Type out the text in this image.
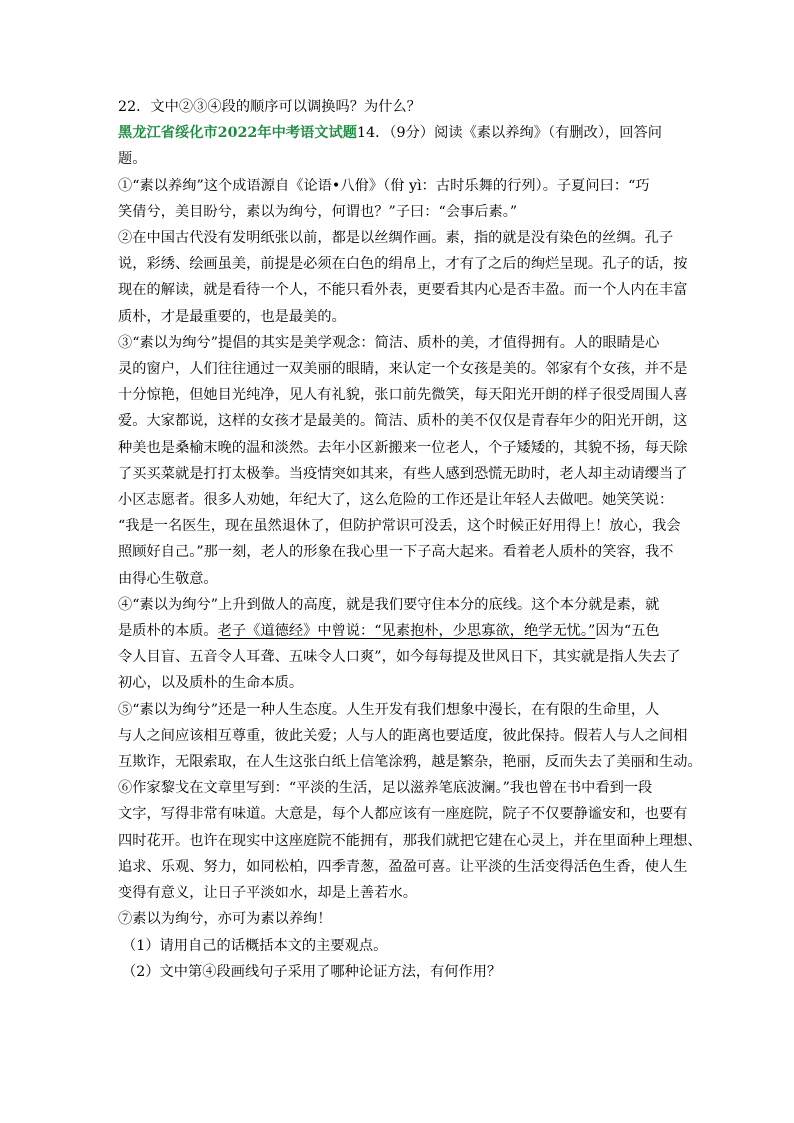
22．文中②③④段的顺序可以调换吗？为什么？

黑龙江省绥化市2022年中考语文试题14．（9分）阅读《素以养绚》（有删改），回答问

题。

①“素以养绚”这个成语源自《论语•八佾》（佾 yì：古时乐舞的行列）。子夏问曰：“巧

笑倩兮，美目盼兮，素以为绚兮，何谓也？”子曰：“会事后素。”

②在中国古代没有发明纸张以前，都是以丝绸作画。素，指的就是没有染色的丝绸。孔子

说，彩绣、绘画虽美，前提是必须在白色的绢帛上，才有了之后的绚烂呈现。孔子的话，按

现在的解读，就是看待一个人，不能只看外表，更要看其内心是否丰盈。而一个人内在丰富

质朴，才是最重要的，也是最美的。

③“素以为绚兮”提倡的其实是美学观念：简洁、质朴的美，才值得拥有。人的眼睛是心

灵的窗户，人们往往通过一双美丽的眼睛，来认定一个女孩是美的。邻家有个女孩，并不是

十分惊艳，但她目光纯净，见人有礼貌，张口前先微笑，每天阳光开朗的样子很受周围人喜

爱。大家都说，这样的女孩才是最美的。简洁、质朴的美不仅仅是青春年少的阳光开朗，这

种美也是桑榆末晚的温和淡然。去年小区新搬来一位老人，个子矮矮的，其貌不扬，每天除

了买买菜就是打打太极拳。当疫情突如其来，有些人感到恐慌无助时，老人却主动请缨当了

小区志愿者。很多人劝她，年纪大了，这么危险的工作还是让年轻人去做吧。她笑笑说：

“我是一名医生，现在虽然退休了，但防护常识可没丢，这个时候正好用得上！放心，我会

照顾好自己。”那一刻，老人的形象在我心里一下子高大起来。看着老人质朴的笑容，我不

由得心生敬意。

④“素以为绚兮”上升到做人的高度，就是我们要守住本分的底线。这个本分就是素，就

是质朴的本质。老子《道德经》中曾说：“见素抱朴，少思寡欲，绝学无忧。”因为“五色

令人目盲、五音令人耳聋、五味令人口爽”，如今每每提及世风日下，其实就是指人失去了

初心，以及质朴的生命本质。

⑤“素以为绚兮”还是一种人生态度。人生开发有我们想象中漫长，在有限的生命里，人

与人之间应该相互尊重，彼此关爱；人与人的距离也要适度，彼此保持。假若人与人之间相

互欺诈，无限索取，在人生这张白纸上信笔涂鸦，越是繁杂，艳丽，反而失去了美丽和生动。

⑥作家黎戈在文章里写到：“平淡的生活，足以滋养笔底波澜。”我也曾在书中看到一段

文字，写得非常有味道。大意是，每个人都应该有一座庭院，院子不仅要静谧安和，也要有

四时花开。也许在现实中这座庭院不能拥有，那我们就把它建在心灵上，并在里面种上理想、

追求、乐观、努力，如同松柏，四季青葱，盈盈可喜。让平淡的生活变得活色生香，使人生

变得有意义，让日子平淡如水，却是上善若水。

⑦素以为绚兮，亦可为素以养绚！

（1）请用自己的话概括本文的主要观点。

（2）文中第④段画线句子采用了哪种论证方法，有何作用？
